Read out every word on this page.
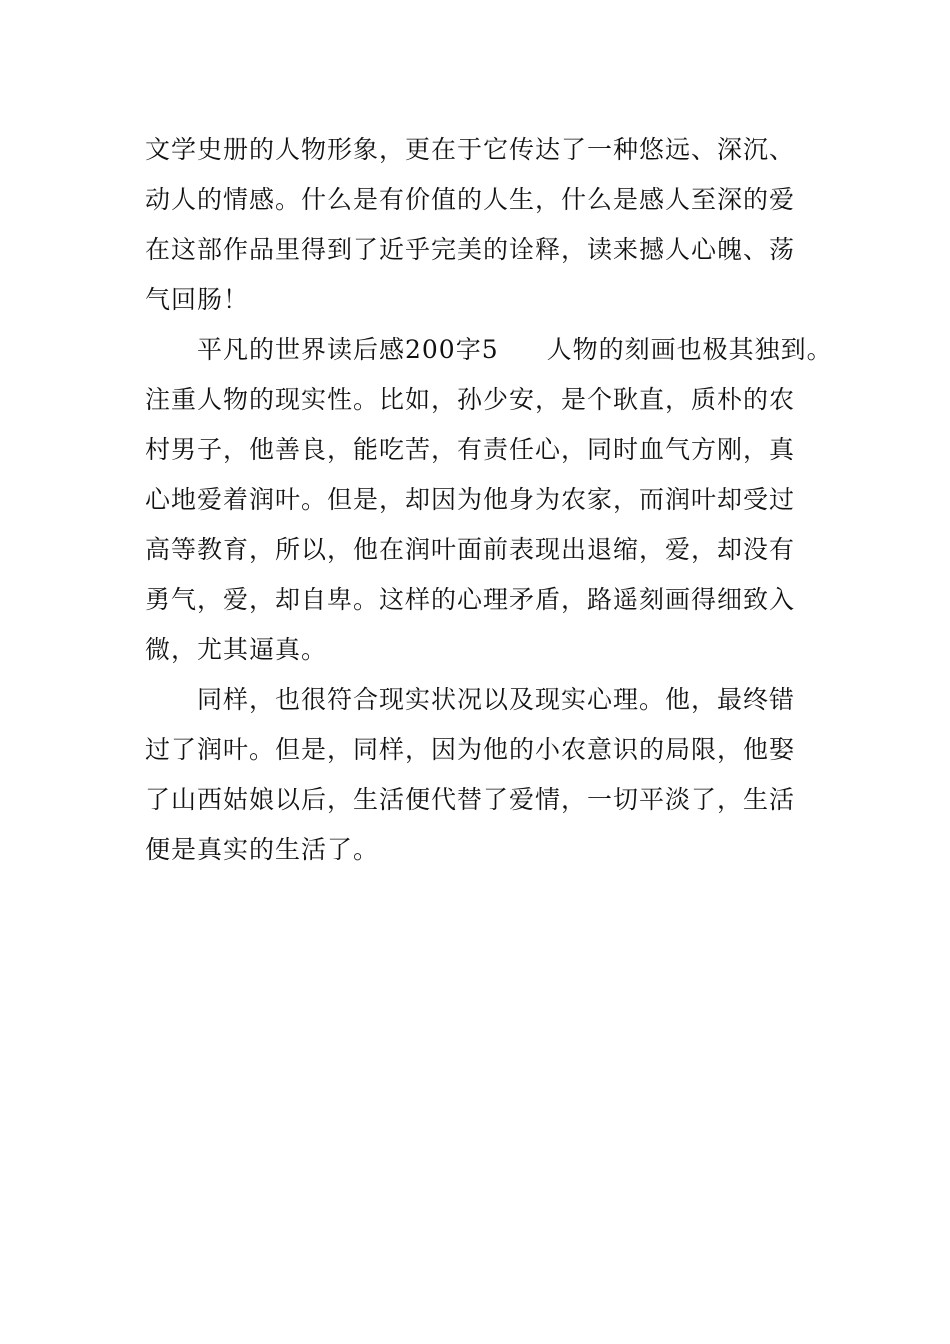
文学史册的人物形象，更在于它传达了一种悠远、深沉、
动人的情感。什么是有价值的人生，什么是感人至深的爱
在这部作品里得到了近乎完美的诠释，读来撼人心魄、荡
气回肠！
平凡的世界读后感200字5 人物的刻画也极其独到。
注重人物的现实性。比如，孙少安，是个耿直，质朴的农
村男子，他善良，能吃苦，有责任心，同时血气方刚，真
心地爱着润叶。但是，却因为他身为农家，而润叶却受过
高等教育，所以，他在润叶面前表现出退缩，爱，却没有
勇气，爱，却自卑。这样的心理矛盾，路遥刻画得细致入
微，尤其逼真。
同样，也很符合现实状况以及现实心理。他，最终错
过了润叶。但是，同样，因为他的小农意识的局限，他娶
了山西姑娘以后，生活便代替了爱情，一切平淡了，生活
便是真实的生活了。
